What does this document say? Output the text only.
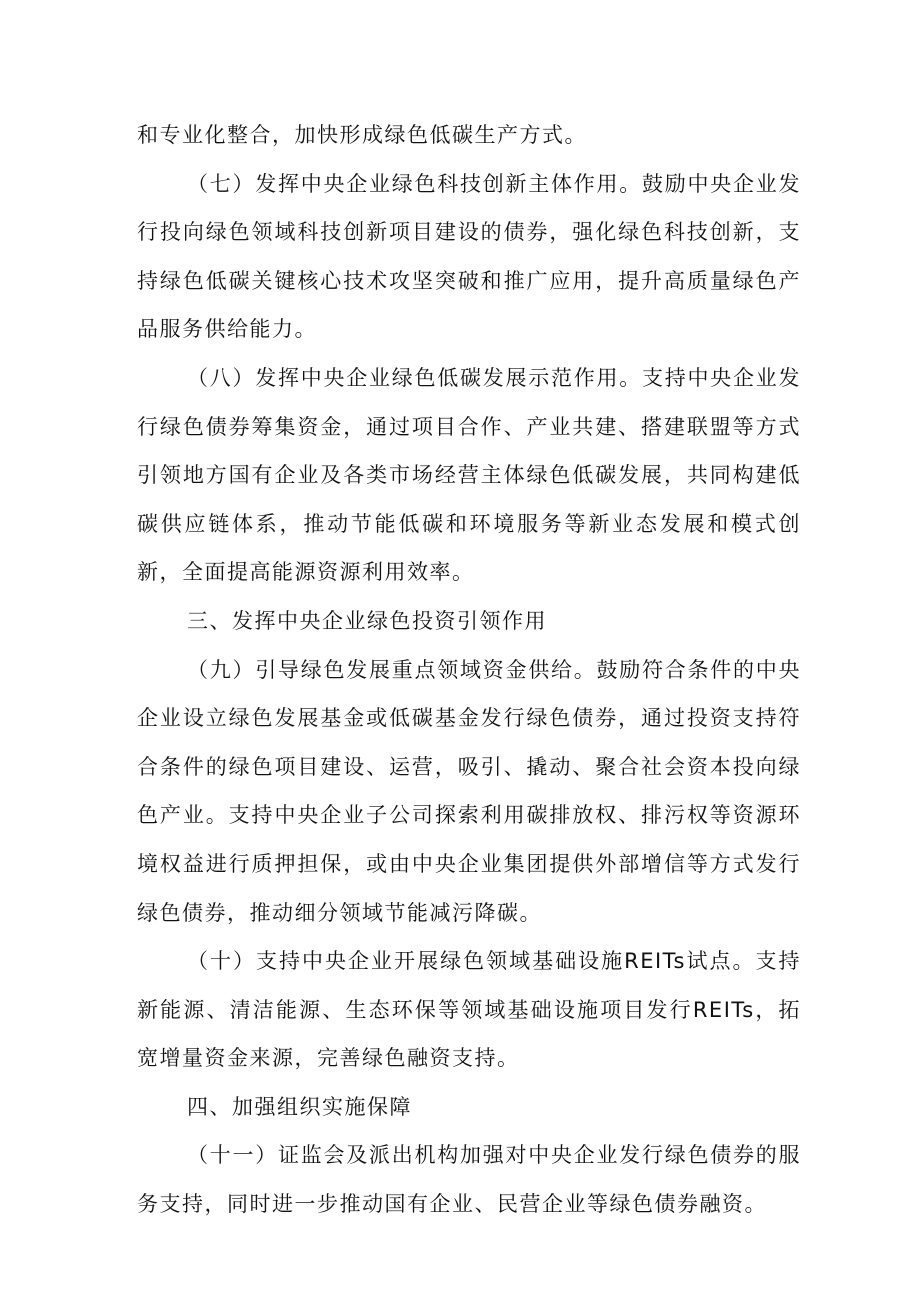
和专业化整合，加快形成绿色低碳生产方式。

（七）发挥中央企业绿色科技创新主体作用。鼓励中央企业发行投向绿色领域科技创新项目建设的债券，强化绿色科技创新，支持绿色低碳关键核心技术攻坚突破和推广应用，提升高质量绿色产品服务供给能力。

（八）发挥中央企业绿色低碳发展示范作用。支持中央企业发行绿色债券筹集资金，通过项目合作、产业共建、搭建联盟等方式引领地方国有企业及各类市场经营主体绿色低碳发展，共同构建低碳供应链体系，推动节能低碳和环境服务等新业态发展和模式创新，全面提高能源资源利用效率。

三、发挥中央企业绿色投资引领作用

（九）引导绿色发展重点领域资金供给。鼓励符合条件的中央企业设立绿色发展基金或低碳基金发行绿色债券，通过投资支持符合条件的绿色项目建设、运营，吸引、撬动、聚合社会资本投向绿色产业。支持中央企业子公司探索利用碳排放权、排污权等资源环境权益进行质押担保，或由中央企业集团提供外部增信等方式发行绿色债券，推动细分领域节能减污降碳。

（十）支持中央企业开展绿色领域基础设施REITs试点。支持新能源、清洁能源、生态环保等领域基础设施项目发行REITs，拓宽增量资金来源，完善绿色融资支持。

四、加强组织实施保障

（十一）证监会及派出机构加强对中央企业发行绿色债券的服务支持，同时进一步推动国有企业、民营企业等绿色债券融资。
